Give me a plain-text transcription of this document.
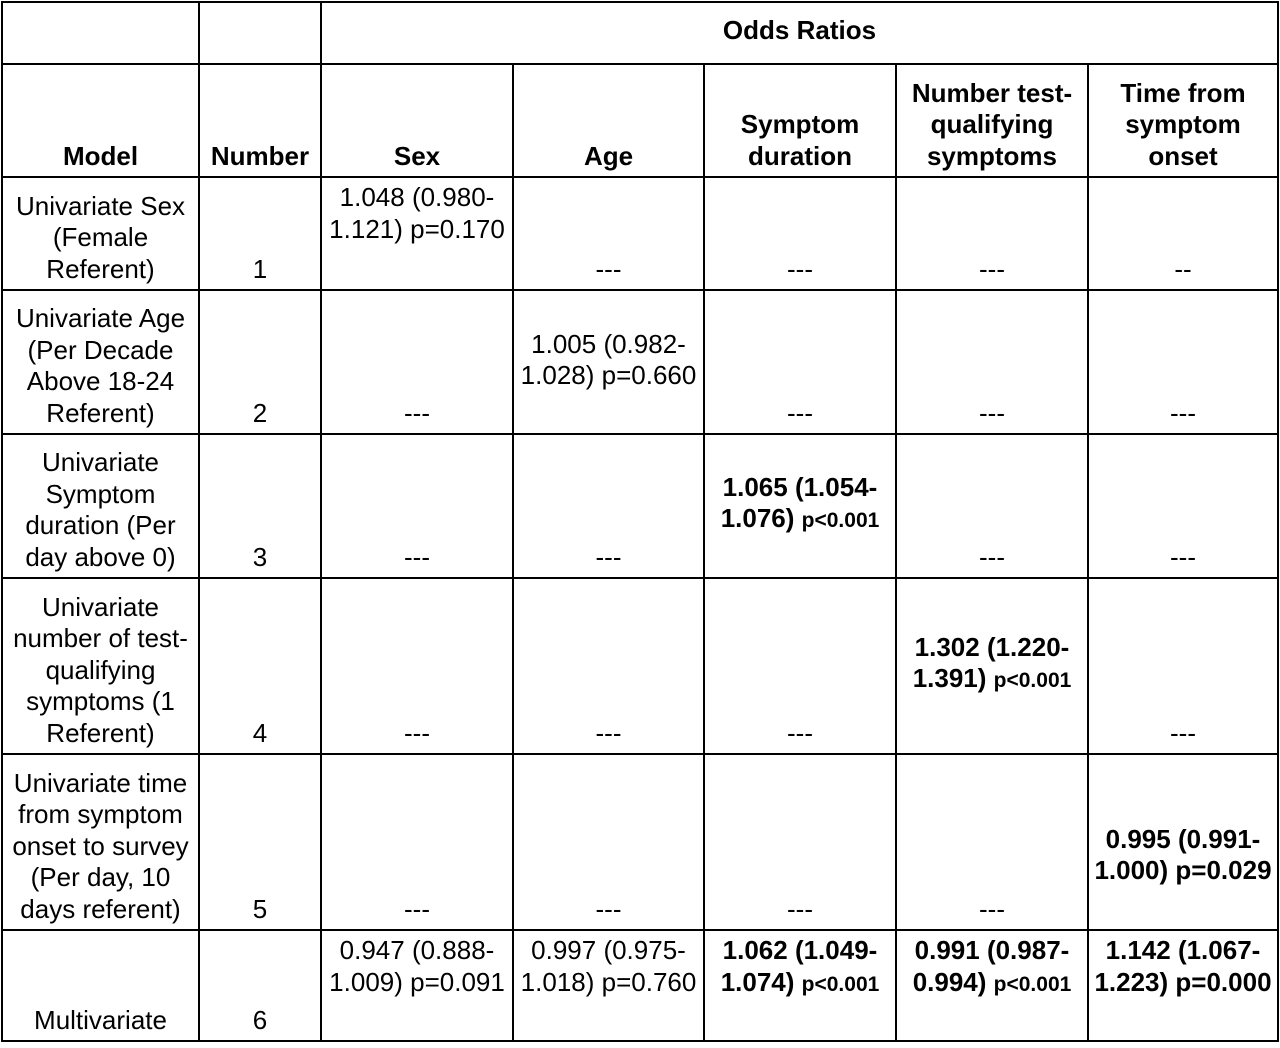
		Odds Ratios				
Model	Number	Sex	Age	Symptom duration	Number test-qualifying symptoms	Time from symptom onset
Univariate Sex (Female Referent)	1	1.048 (0.980-1.121) p=0.170	---	---	---	--
Univariate Age (Per Decade Above 18-24 Referent)	2	---	1.005 (0.982-1.028) p=0.660	---	---	---
Univariate Symptom duration (Per day above 0)	3	---	---	1.065 (1.054-1.076) p<0.001	---	---
Univariate number of test-qualifying symptoms (1 Referent)	4	---	---	---	1.302 (1.220-1.391) p<0.001	---
Univariate time from symptom onset to survey (Per day, 10 days referent)	5	---	---	---	---	0.995 (0.991-1.000) p=0.029
Multivariate	6	0.947 (0.888-1.009) p=0.091	0.997 (0.975-1.018) p=0.760	1.062 (1.049-1.074) p<0.001	0.991 (0.987-0.994) p<0.001	1.142 (1.067-1.223) p=0.000
